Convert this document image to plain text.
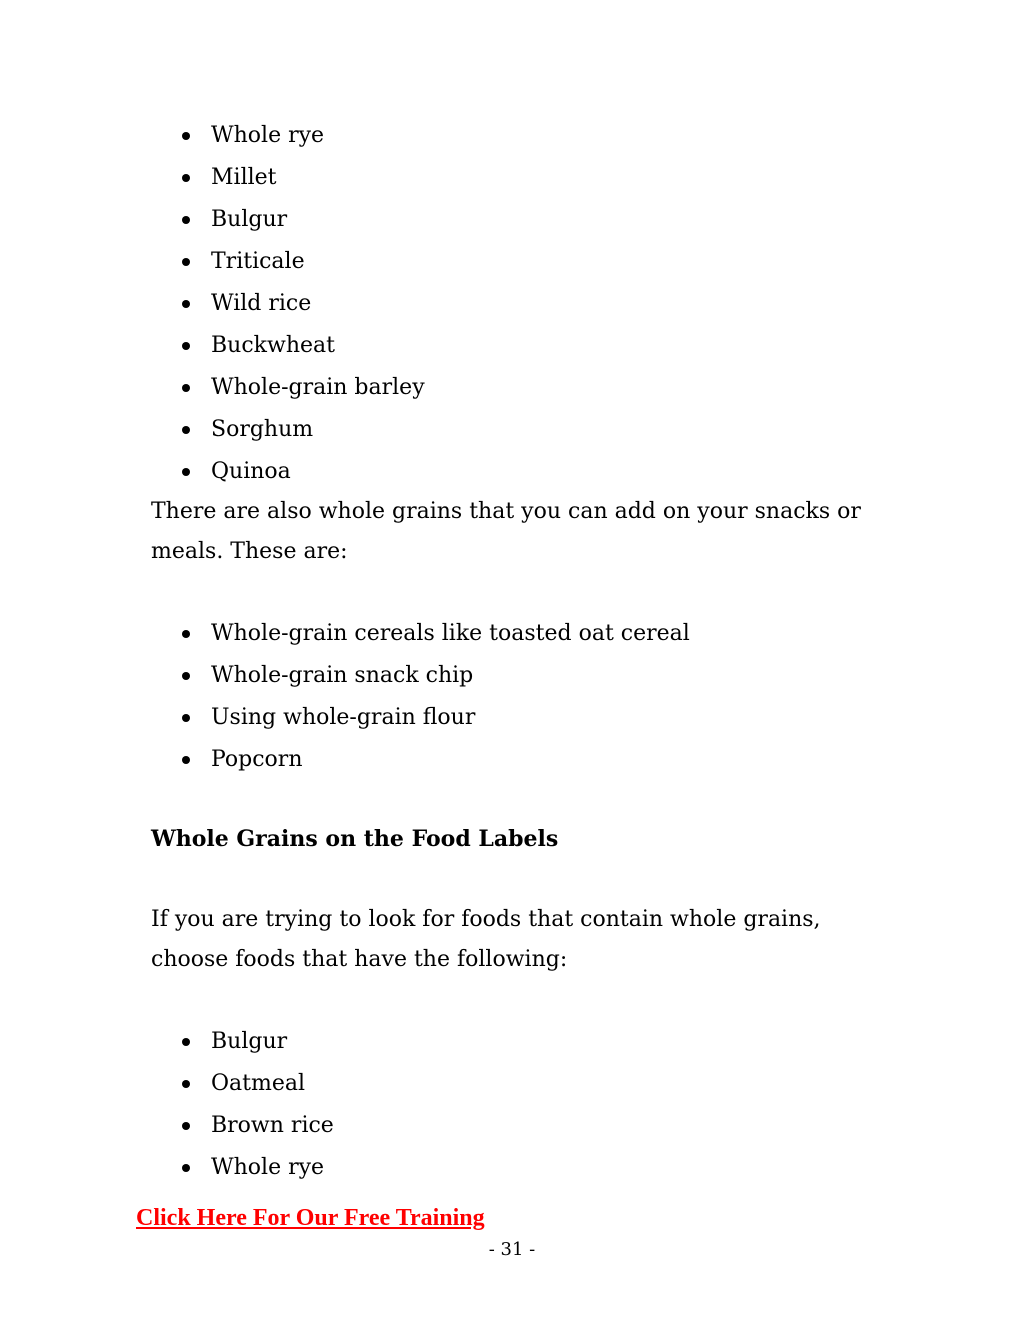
Whole rye
Millet
Bulgur
Triticale
Wild rice
Buckwheat
Whole-grain barley
Sorghum
Quinoa

There are also whole grains that you can add on your snacks or meals. These are:

Whole-grain cereals like toasted oat cereal
Whole-grain snack chip
Using whole-grain flour
Popcorn
Whole Grains on the Food Labels

If you are trying to look for foods that contain whole grains, choose foods that have the following:

Bulgur
Oatmeal
Brown rice
Whole rye
Click Here For Our Free Training
- 31 -
